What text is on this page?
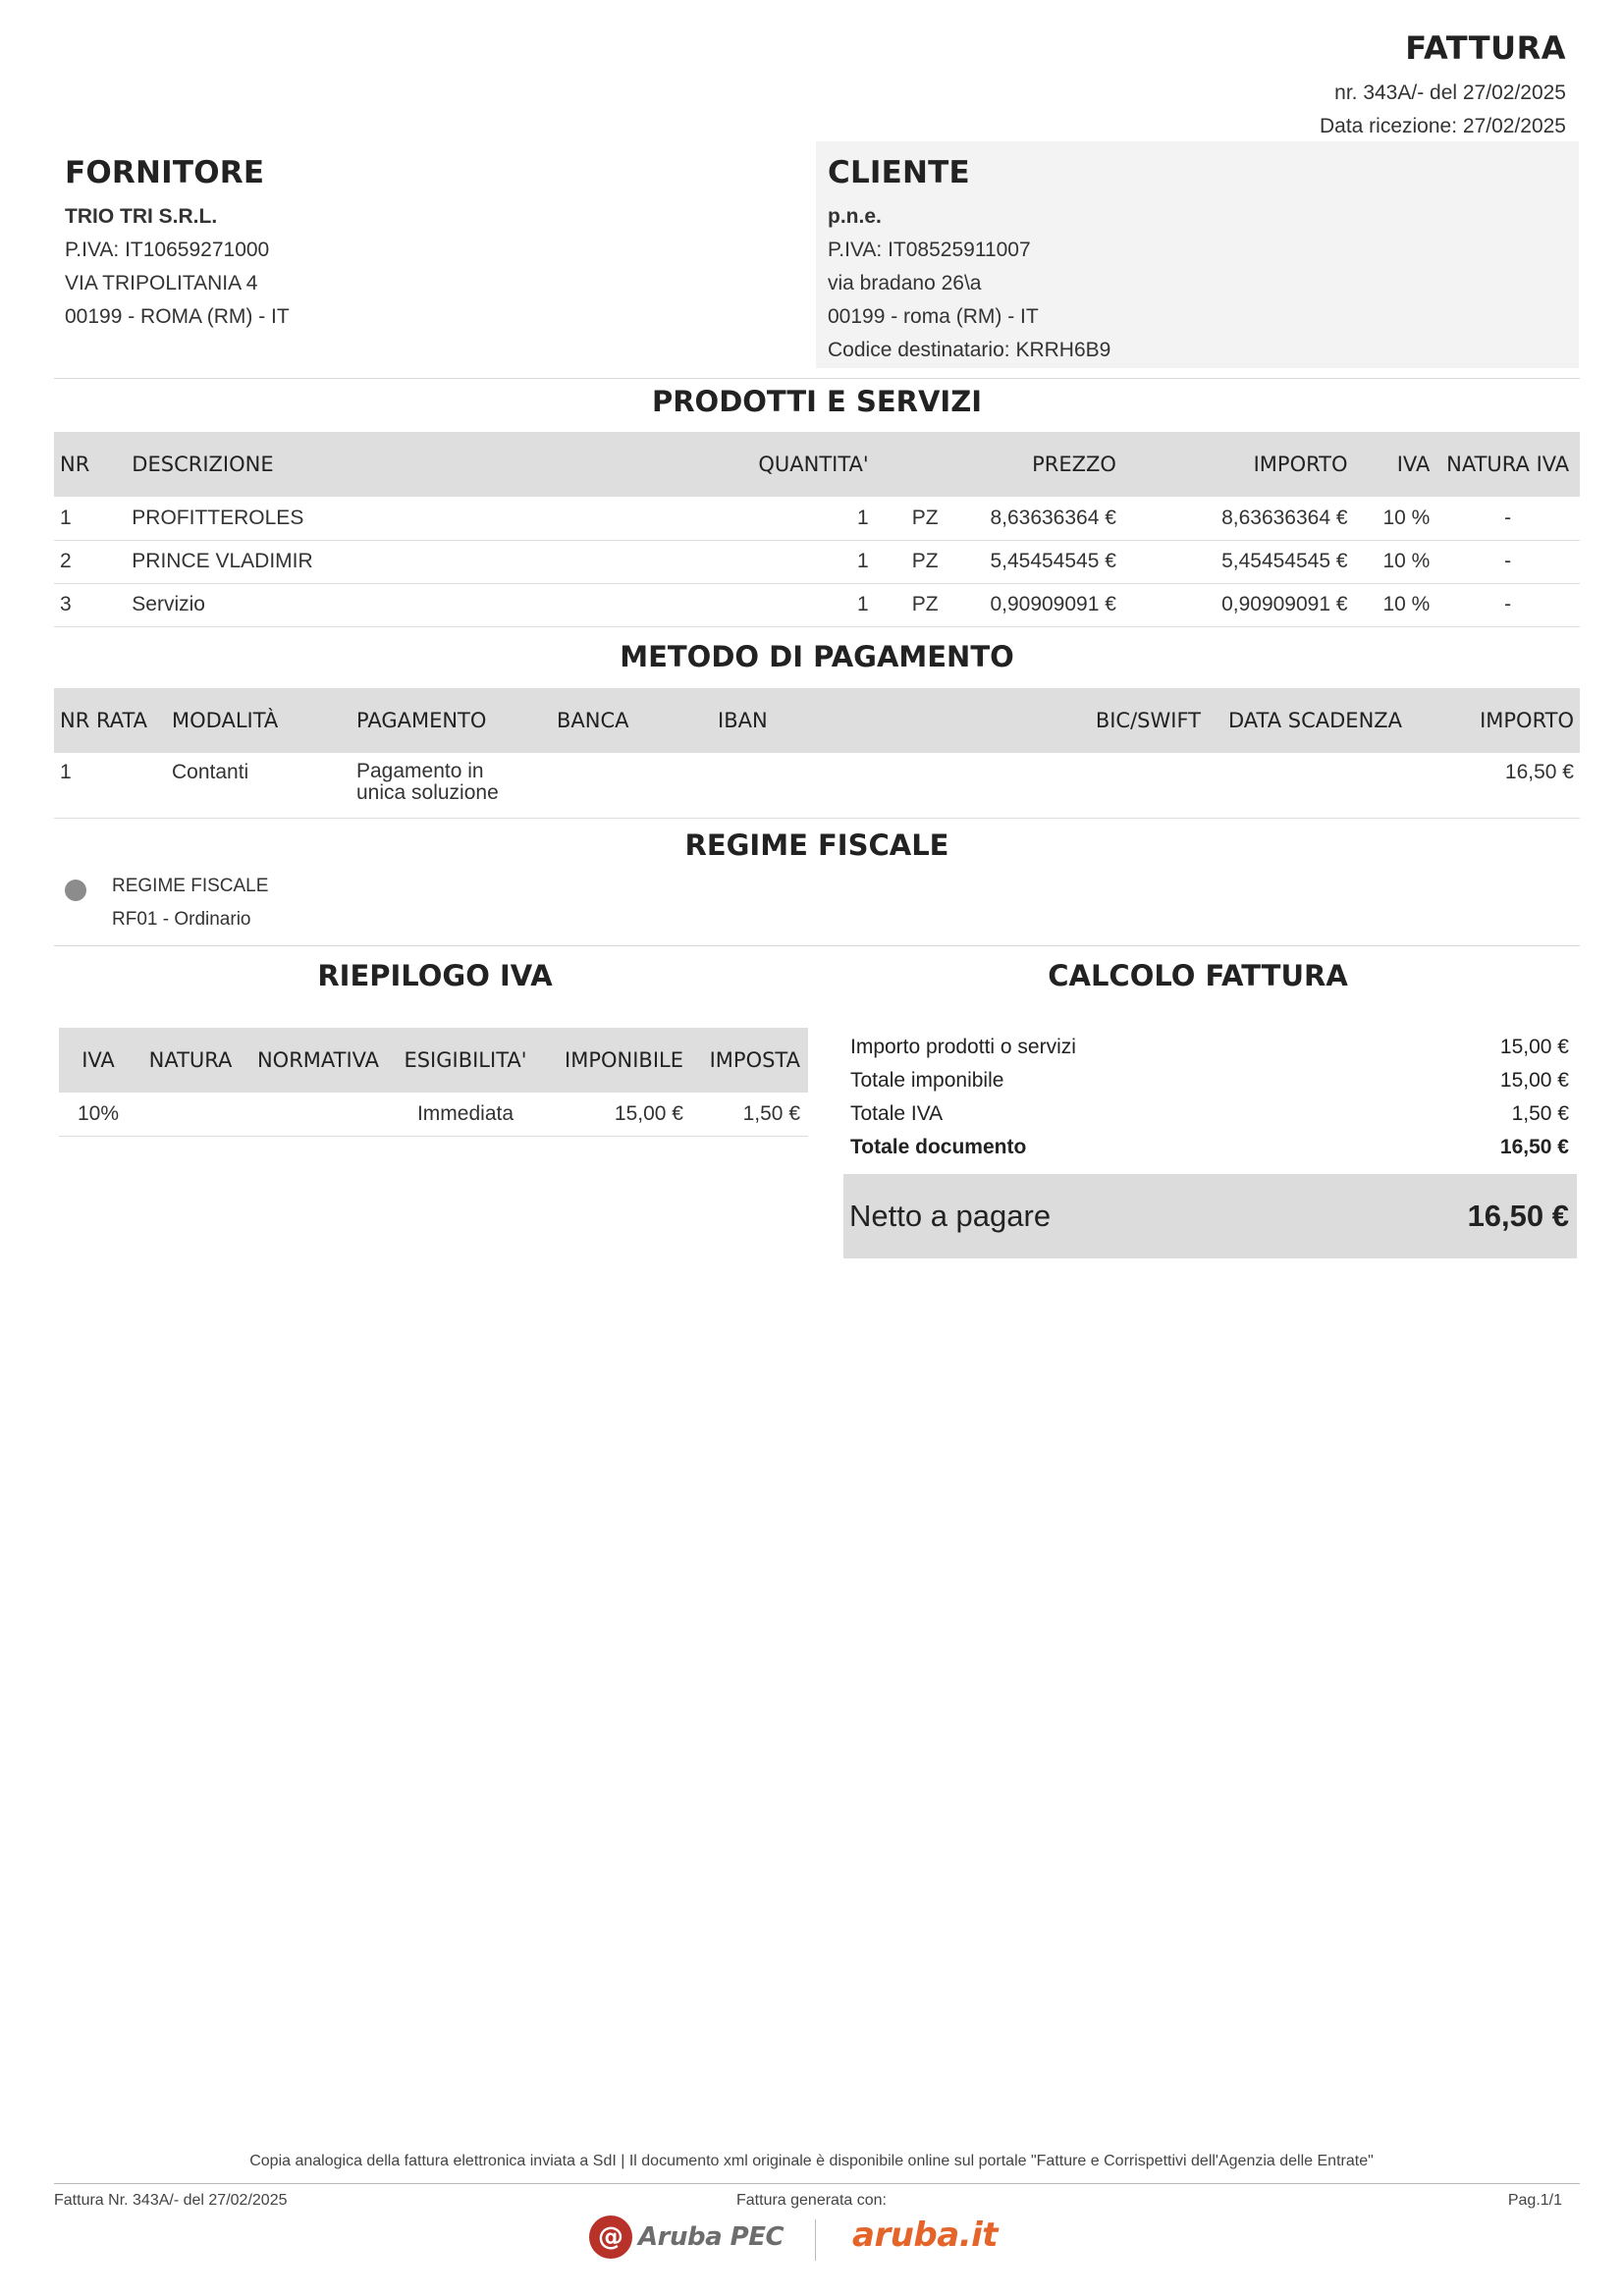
FATTURA
nr. 343A/- del 27/02/2025
Data ricezione: 27/02/2025
FORNITORE
TRIO TRI S.R.L.
P.IVA: IT10659271000
VIA TRIPOLITANIA 4
00199 - ROMA (RM) - IT
CLIENTE
p.n.e.
P.IVA: IT08525911007
via bradano 26\a
00199 - roma (RM) - IT
Codice destinatario: KRRH6B9
PRODOTTI E SERVIZI
NR	DESCRIZIONE	QUANTITA'		PREZZO	IMPORTO	IVA	NATURA IVA
1	PROFITTEROLES	1	PZ	8,63636364 €	8,63636364 €	10 %	-
2	PRINCE VLADIMIR	1	PZ	5,45454545 €	5,45454545 €	10 %	-
3	Servizio	1	PZ	0,90909091 €	0,90909091 €	10 %	-
METODO DI PAGAMENTO
NR RATA	MODALITÀ	PAGAMENTO	BANCA	IBAN	BIC/SWIFT	DATA SCADENZA	IMPORTO
1	Contanti	Pagamento in unica soluzione					16,50 €
REGIME FISCALE
REGIME FISCALE
RF01 - Ordinario
RIEPILOGO IVA
IVA	NATURA	NORMATIVA	ESIGIBILITA'	IMPONIBILE	IMPOSTA
10%			Immediata	15,00 €	1,50 €
CALCOLO FATTURA
Importo prodotti o servizi	15,00 €
Totale imponibile	15,00 €
Totale IVA	1,50 €
Totale documento	16,50 €
Netto a pagare	16,50 €
Copia analogica della fattura elettronica inviata a SdI | Il documento xml originale è disponibile online sul portale "Fatture e Corrispettivi dell'Agenzia delle Entrate"
Fattura Nr. 343A/- del 27/02/2025	Fattura generata con:	Pag.1/1
@ Aruba PEC aruba.it
